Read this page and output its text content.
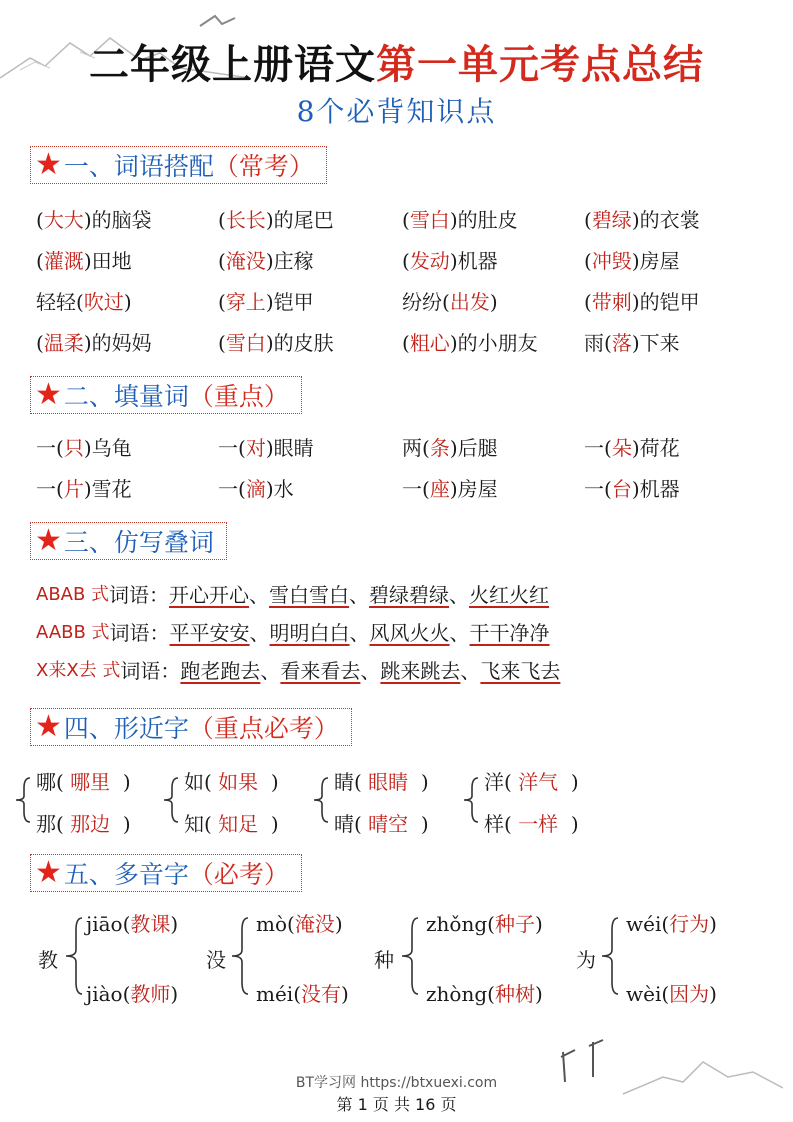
二年级上册语文第一单元考点总结
8个必背知识点
★ 一、词语搭配 （常考）
(大大)的脑袋	(长长)的尾巴	(雪白)的肚皮	(碧绿)的衣裳
(灌溉)田地	(淹没)庄稼	(发动)机器	(冲毁)房屋
轻轻(吹过)	(穿上)铠甲	纷纷(出发)	(带刺)的铠甲
(温柔)的妈妈	(雪白)的皮肤	(粗心)的小朋友	雨(落)下来
★ 二、填量词 （重点）
一(只)乌龟	一(对)眼睛	两(条)后腿	一(朵)荷花
一(片)雪花	一(滴)水	一(座)房屋	一(台)机器
★ 三、仿写叠词
ABAB 式 词语： 开心开心 、 雪白雪白 、 碧绿碧绿 、 火红火红
AABB 式 词语： 平平安安 、 明明白白 、 风风火火 、 干干净净
X来X去 式 词语： 跑老跑去 、 看来看去 、 跳来跳去 、 飞来飞去
★ 四、形近字 （重点必考）
哪( 哪里 )
那( 那边 )
如( 如果 )
知( 知足 )
睛( 眼睛 )
晴( 晴空 )
洋( 洋气 )
样( 一样 )
★ 五、多音字 （必考）
教
jiāo(教课)
jiào(教师)
没
mò(淹没)
méi(没有)
种
zhǒng(种子)
zhòng(种树)
为
wéi(行为)
wèi(因为)
BT学习网 https://btxuexi.com
第 1 页 共 16 页
